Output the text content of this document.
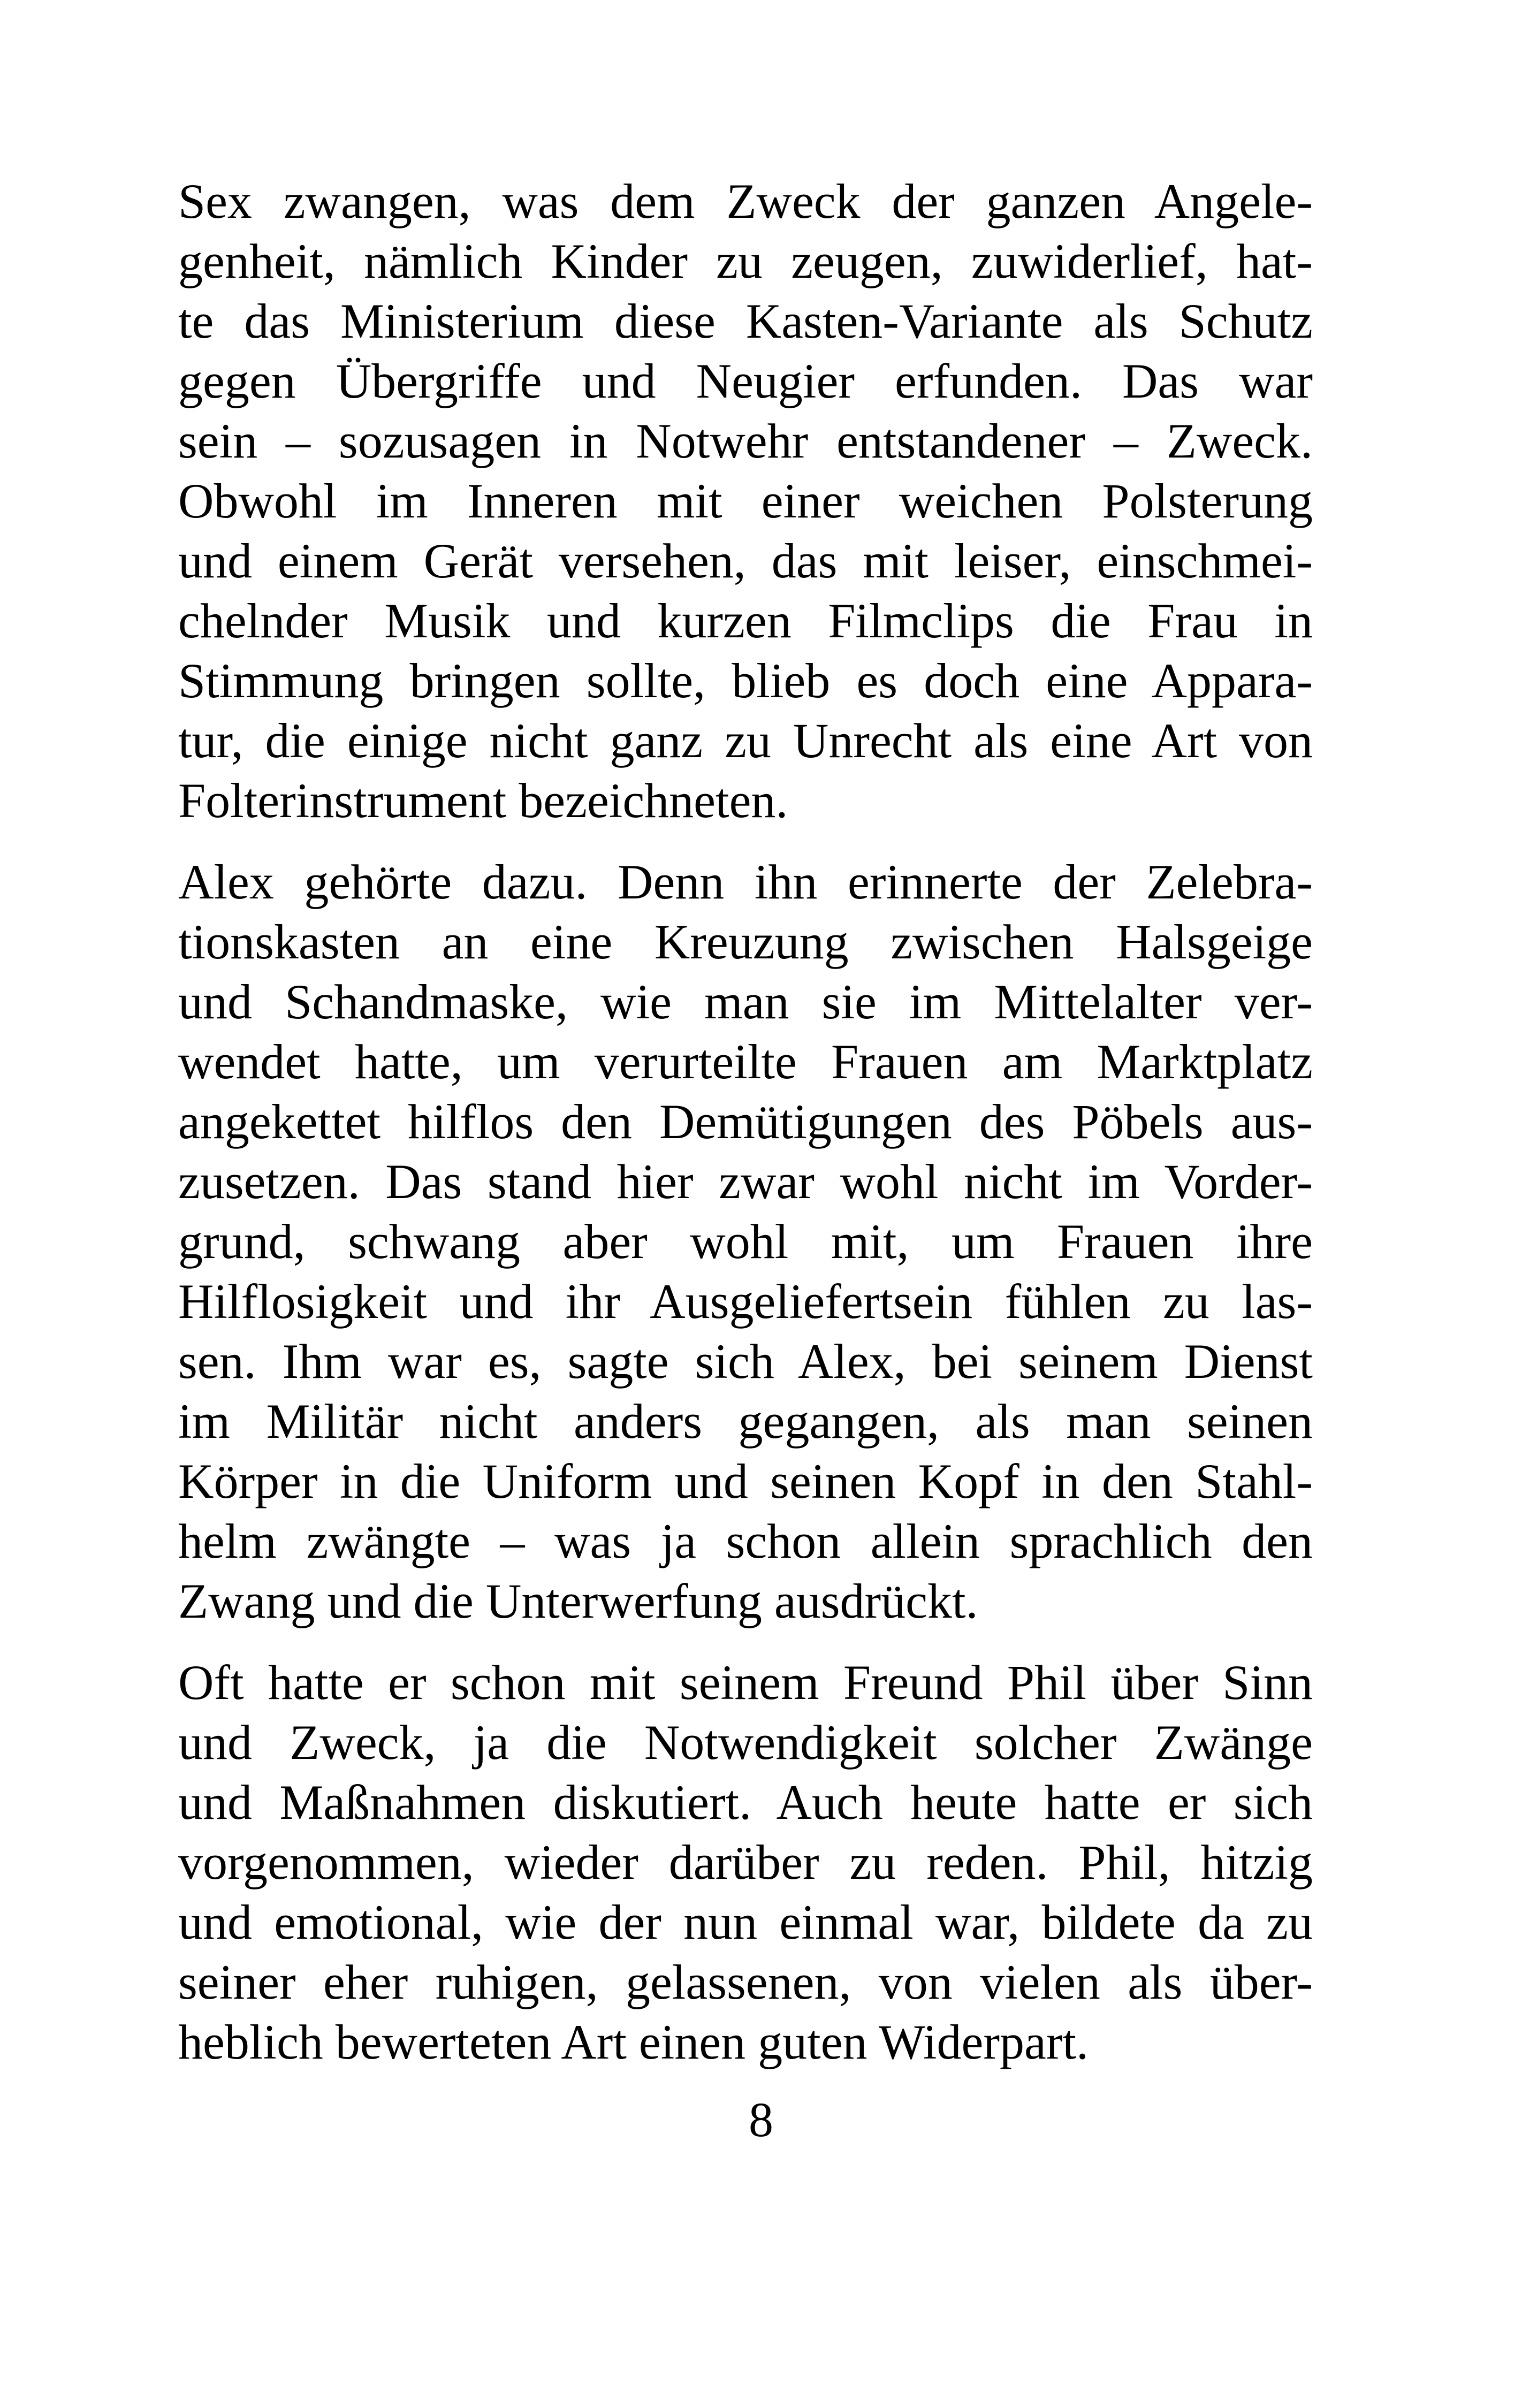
Sex zwangen, was dem Zweck der ganzen Angele-
genheit, nämlich Kinder zu zeugen, zuwiderlief, hat-
te das Ministerium diese Kasten-Variante als Schutz
gegen Übergriffe und Neugier erfunden. Das war
sein – sozusagen in Notwehr entstandener – Zweck.
Obwohl im Inneren mit einer weichen Polsterung
und einem Gerät versehen, das mit leiser, einschmei-
chelnder Musik und kurzen Filmclips die Frau in
Stimmung bringen sollte, blieb es doch eine Appara-
tur, die einige nicht ganz zu Unrecht als eine Art von
Folterinstrument bezeichneten.
Alex gehörte dazu. Denn ihn erinnerte der Zelebra-
tionskasten an eine Kreuzung zwischen Halsgeige
und Schandmaske, wie man sie im Mittelalter ver-
wendet hatte, um verurteilte Frauen am Marktplatz
angekettet hilflos den Demütigungen des Pöbels aus-
zusetzen. Das stand hier zwar wohl nicht im Vorder-
grund, schwang aber wohl mit, um Frauen ihre
Hilflosigkeit und ihr Ausgeliefertsein fühlen zu las-
sen. Ihm war es, sagte sich Alex, bei seinem Dienst
im Militär nicht anders gegangen, als man seinen
Körper in die Uniform und seinen Kopf in den Stahl-
helm zwängte – was ja schon allein sprachlich den
Zwang und die Unterwerfung ausdrückt.
Oft hatte er schon mit seinem Freund Phil über Sinn
und Zweck, ja die Notwendigkeit solcher Zwänge
und Maßnahmen diskutiert. Auch heute hatte er sich
vorgenommen, wieder darüber zu reden. Phil, hitzig
und emotional, wie der nun einmal war, bildete da zu
seiner eher ruhigen, gelassenen, von vielen als über-
heblich bewerteten Art einen guten Widerpart.
8
